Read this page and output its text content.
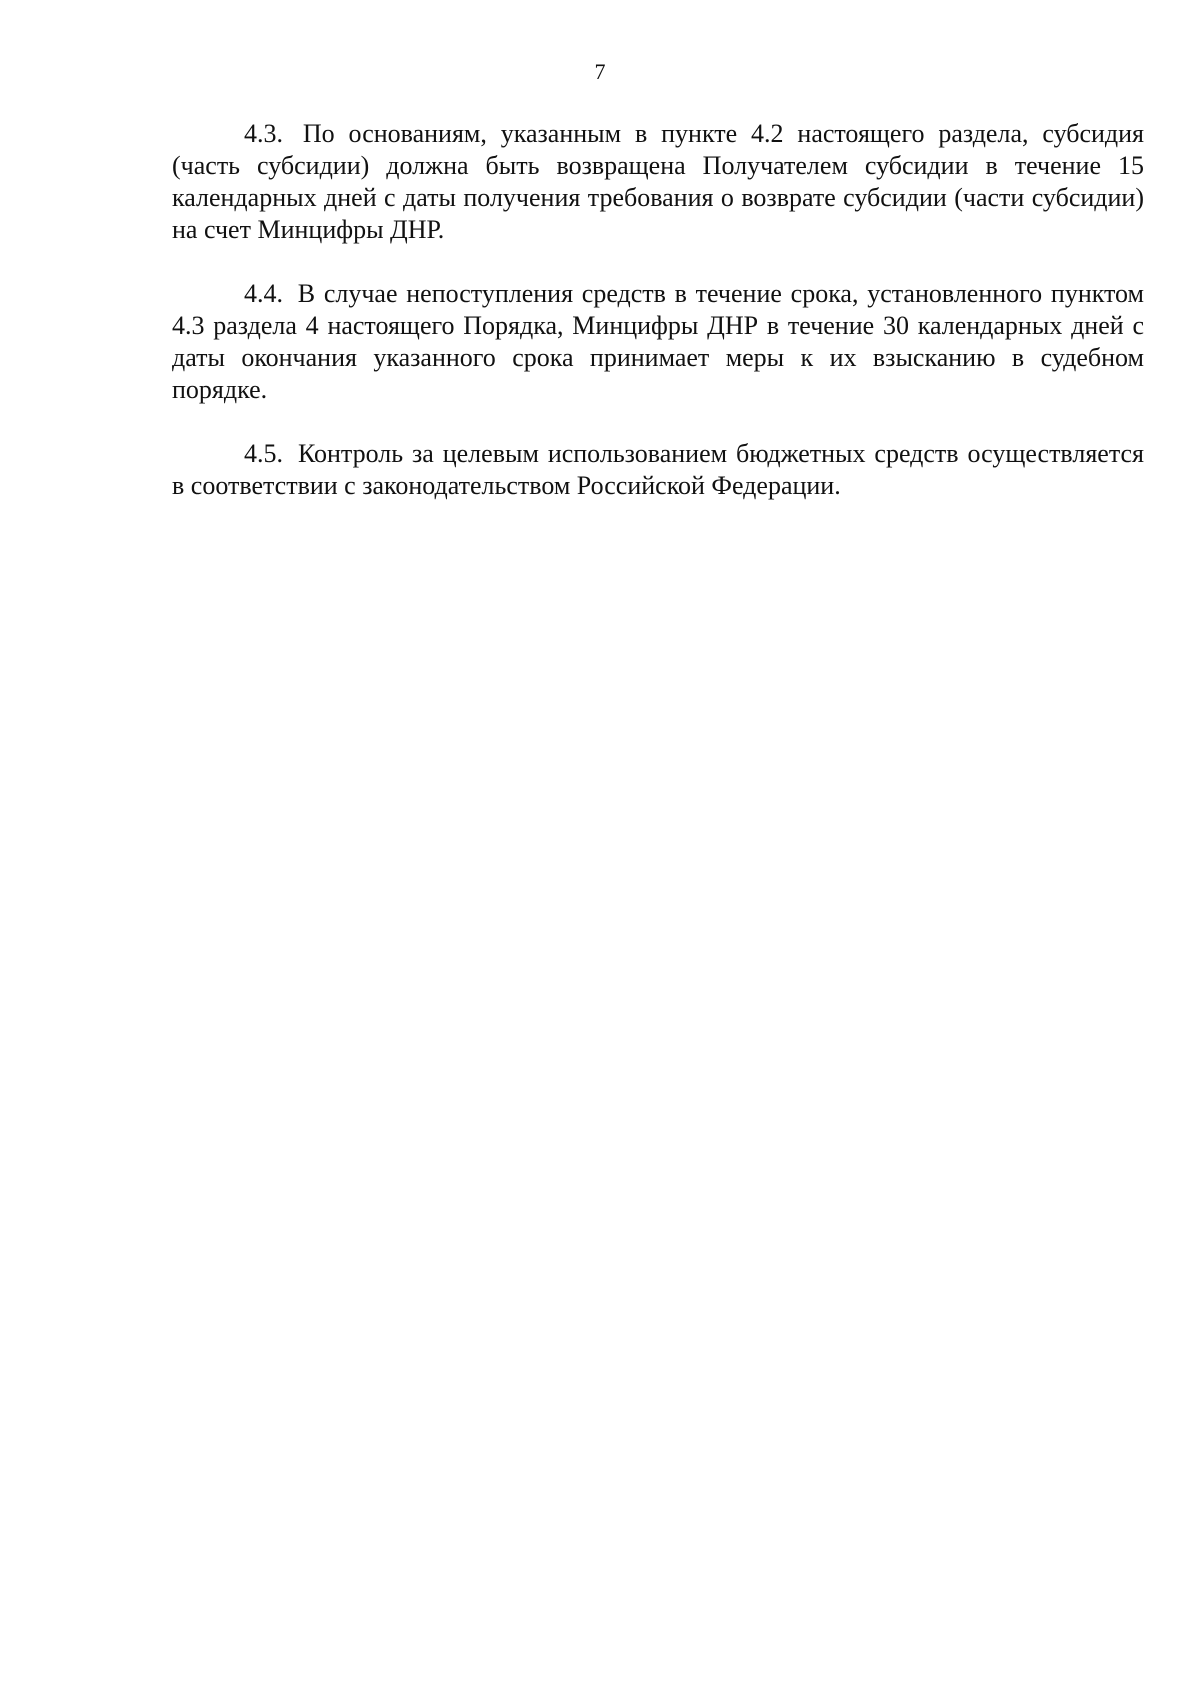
7

4.3. По основаниям, указанным в пункте 4.2 настоящего раздела, субсидия (часть субсидии) должна быть возвращена Получателем субсидии в течение 15 календарных дней с даты получения требования о возврате субсидии (части субсидии) на счет Минцифры ДНР.

4.4. В случае непоступления средств в течение срока, установленного пунктом 4.3 раздела 4 настоящего Порядка, Минцифры ДНР в течение 30 календарных дней с даты окончания указанного срока принимает меры к их взысканию в судебном порядке.

4.5. Контроль за целевым использованием бюджетных средств осуществляется в соответствии с законодательством Российской Федерации.
